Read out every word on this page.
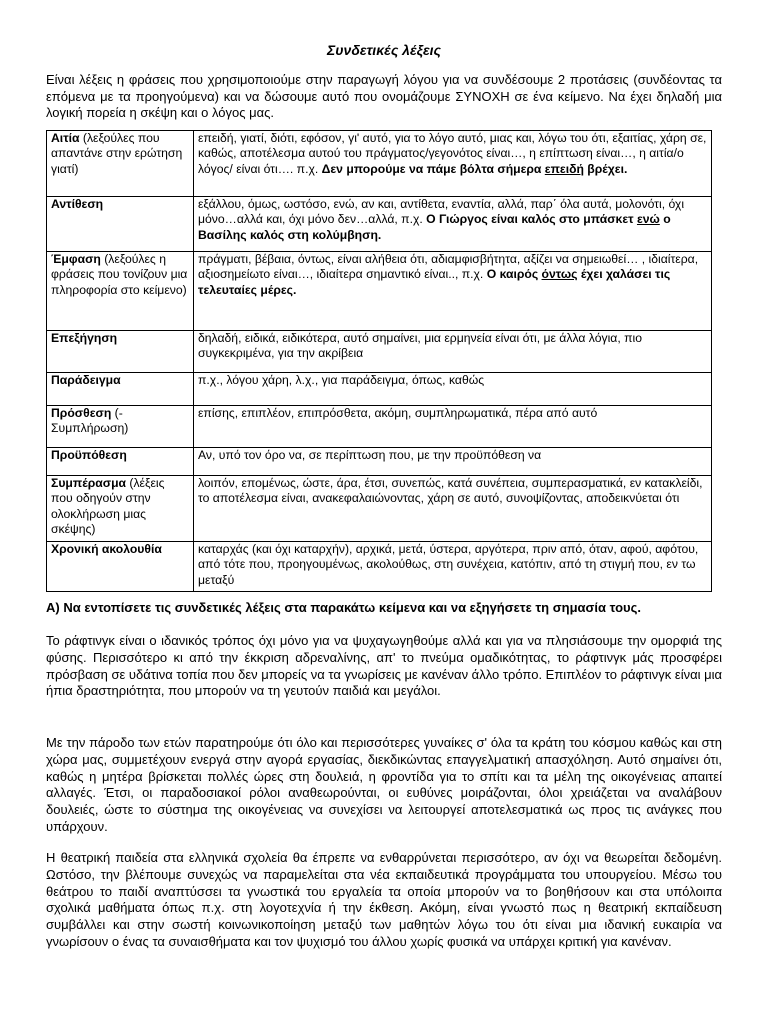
Συνδετικές λέξεις
Είναι λέξεις η φράσεις που χρησιμοποιούμε στην παραγωγή λόγου για να συνδέσουμε 2 προτάσεις (συνδέοντας τα επόμενα με τα προηγούμενα) και να δώσουμε αυτό που ονομάζουμε ΣΥΝΟΧΗ σε ένα κείμενο. Να έχει δηλαδή μια λογική πορεία η σκέψη και ο λόγος μας.
Αιτία (λεξούλες που απαντάνε στην ερώτηση γιατί)	επειδή, γιατί, διότι, εφόσον, γι' αυτό, για το λόγο αυτό, μιας και, λόγω του ότι, εξαιτίας, χάρη σε, καθώς, αποτέλεσμα αυτού του πράγματος/γεγονότος είναι…, η επίπτωση είναι…, η αιτία/ο λόγος/ είναι ότι…. π.χ. Δεν μπορούμε να πάμε βόλτα σήμερα επειδή βρέχει.
Αντίθεση	εξάλλου, όμως, ωστόσο, ενώ, αν και, αντίθετα, εναντία, αλλά, παρ΄ όλα αυτά, μολονότι, όχι μόνο…αλλά και, όχι μόνο δεν…αλλά, π.χ. Ο Γιώργος είναι καλός στο μπάσκετ ενώ ο Βασίλης καλός στη κολύμβηση.
Έμφαση (λεξούλες η φράσεις που τονίζουν μια πληροφορία στο κείμενο)	πράγματι, βέβαια, όντως, είναι αλήθεια ότι, αδιαμφισβήτητα, αξίζει να σημειωθεί… , ιδιαίτερα, αξιοσημείωτο είναι…, ιδιαίτερα σημαντικό είναι.., π.χ. Ο καιρός όντως έχει χαλάσει τις τελευταίες μέρες.
Επεξήγηση	δηλαδή, ειδικά, ειδικότερα, αυτό σημαίνει, μια ερμηνεία είναι ότι, με άλλα λόγια, πιο συγκεκριμένα, για την ακρίβεια
Παράδειγμα	π.χ., λόγου χάρη, λ.χ., για παράδειγμα, όπως, καθώς
Πρόσθεση (- Συμπλήρωση)	επίσης, επιπλέον, επιπρόσθετα, ακόμη, συμπληρωματικά, πέρα από αυτό
Προϋπόθεση	Αν, υπό τον όρο να, σε περίπτωση που, με την προϋπόθεση να
Συμπέρασμα (λέξεις που οδηγούν στην ολοκλήρωση μιας σκέψης)	λοιπόν, επομένως, ώστε, άρα, έτσι, συνεπώς, κατά συνέπεια, συμπερασματικά, εν κατακλείδι, το αποτέλεσμα είναι, ανακεφαλαιώνοντας, χάρη σε αυτό, συνοψίζοντας, αποδεικνύεται ότι
Χρονική ακολουθία	καταρχάς (και όχι καταρχήν), αρχικά, μετά, ύστερα, αργότερα, πριν από, όταν, αφού, αφότου, από τότε που, προηγουμένως, ακολούθως, στη συνέχεια, κατόπιν, από τη στιγμή που, εν τω μεταξύ
Α) Να εντοπίσετε τις συνδετικές λέξεις στα παρακάτω κείμενα και να εξηγήσετε τη σημασία τους.
Το ράφτινγκ είναι ο ιδανικός τρόπος όχι μόνο για να ψυχαγωγηθούμε αλλά και για να πλησιάσουμε την ομορφιά της φύσης. Περισσότερο κι από την έκκριση αδρεναλίνης, απ' το πνεύμα ομαδικότητας, το ράφτινγκ μάς προσφέρει πρόσβαση σε υδάτινα τοπία που δεν μπορείς να τα γνωρίσεις με κανέναν άλλο τρόπο. Επιπλέον το ράφτινγκ είναι μια ήπια δραστηριότητα, που μπορούν να τη γευτούν παιδιά και μεγάλοι.
Με την πάροδο των ετών παρατηρούμε ότι όλο και περισσότερες γυναίκες σ' όλα τα κράτη του κόσμου καθώς και στη χώρα μας, συμμετέχουν ενεργά στην αγορά εργασίας, διεκδικώντας επαγγελματική απασχόληση. Αυτό σημαίνει ότι, καθώς η μητέρα βρίσκεται πολλές ώρες στη δουλειά, η φροντίδα για το σπίτι και τα μέλη της οικογένειας απαιτεί αλλαγές. Έτσι, οι παραδοσιακοί ρόλοι αναθεωρούνται, οι ευθύνες μοιράζονται, όλοι χρειάζεται να αναλάβουν δουλειές, ώστε το σύστημα της οικογένειας να συνεχίσει να λειτουργεί αποτελεσματικά ως προς τις ανάγκες που υπάρχουν.
Η θεατρική παιδεία στα ελληνικά σχολεία θα έπρεπε να ενθαρρύνεται περισσότερο, αν όχι να θεωρείται δεδομένη. Ωστόσο, την βλέπουμε συνεχώς να παραμελείται στα νέα εκπαιδευτικά προγράμματα του υπουργείου. Μέσω του θεάτρου το παιδί αναπτύσσει τα γνωστικά του εργαλεία τα οποία μπορούν να το βοηθήσουν και στα υπόλοιπα σχολικά μαθήματα όπως π.χ. στη λογοτεχνία ή την έκθεση. Ακόμη, είναι γνωστό πως η θεατρική εκπαίδευση συμβάλλει και στην σωστή κοινωνικοποίηση μεταξύ των μαθητών λόγω του ότι είναι μια ιδανική ευκαιρία να γνωρίσουν ο ένας τα συναισθήματα και τον ψυχισμό του άλλου χωρίς φυσικά να υπάρχει κριτική για κανέναν.
